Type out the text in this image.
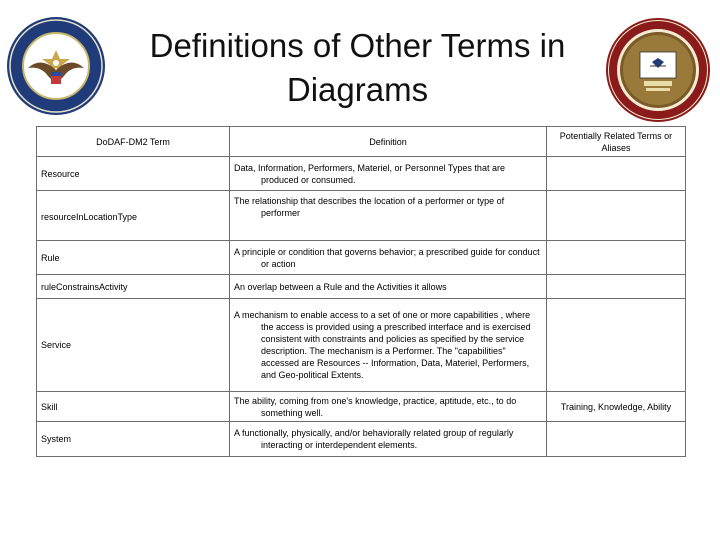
Definitions of Other Terms in Diagrams
DoDAF-DM2 Term	Definition	Potentially Related Terms or Aliases
Resource	Data, Information, Performers, Materiel, or Personnel Types that are produced or consumed.	

resourceInLocationType	The relationship that describes the location of a performer or type of performer	

Rule	A principle or condition that governs behavior; a prescribed guide for conduct or action	

ruleConstrainsActivity	An overlap between a Rule and the Activities it allows	

Service	A mechanism to enable access to a set of one or more capabilities , where the access is provided using a prescribed interface and is exercised consistent with constraints and policies as specified by the service description. The mechanism is a Performer. The "capabilities" accessed are Resources -- Information, Data, Materiel, Performers, and Geo-political Extents.	

Skill	The ability, coming from one's knowledge, practice, aptitude, etc., to do something well.	Training, Knowledge, Ability
System	A functionally, physically, and/or behaviorally related group of regularly interacting or interdependent elements.	
